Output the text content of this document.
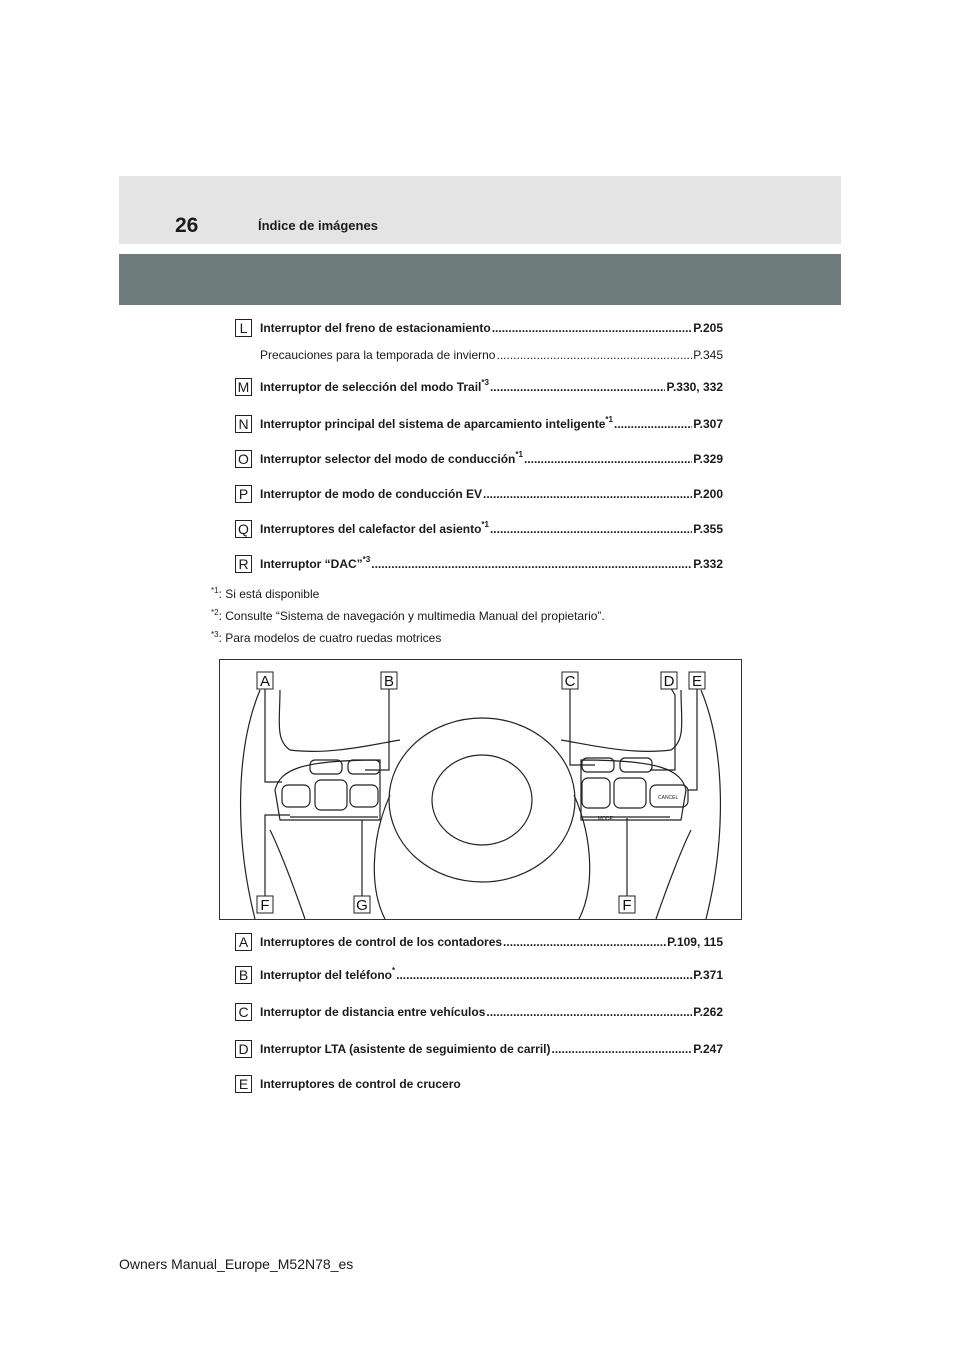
26	Índice de imágenes
L	Interruptor del freno de estacionamiento .....	P.205
Precauciones para la temporada de invierno .....	P.345
M Interruptor de selección del modo Trail$^{*3}$ .....	P.330, 332
N Interruptor principal del sistema de aparcamiento inteligente$^{*1}$ .....	P.307
O Interruptor selector del modo de conducción$^{*1}$ .....	P.329
P Interruptor de modo de conducción EV .....	P.200
Q Interruptores del calefactor del asiento$^{*1}$ .....	P.355
R Interruptor “DAC”$^{*3}$ .....	P.332
$^{*1}$: Si está disponible
$^{*2}$: Consulte “Sistema de navegación y multimedia Manual del propietario”.
$^{*3}$: Para modelos de cuatro ruedas motrices
MODE
CANCEL
A	B	C	D E
F	G	F
A Interruptores de control de los contadores .....	P.109, 115
B Interruptor del teléfono* .....	P.371
C Interruptor de distancia entre vehículos .....	P.262
D Interruptor LTA (asistente de seguimiento de carril) .....	P.247
E Interruptores de control de crucero
Owners Manual_Europe_M52N78_es
